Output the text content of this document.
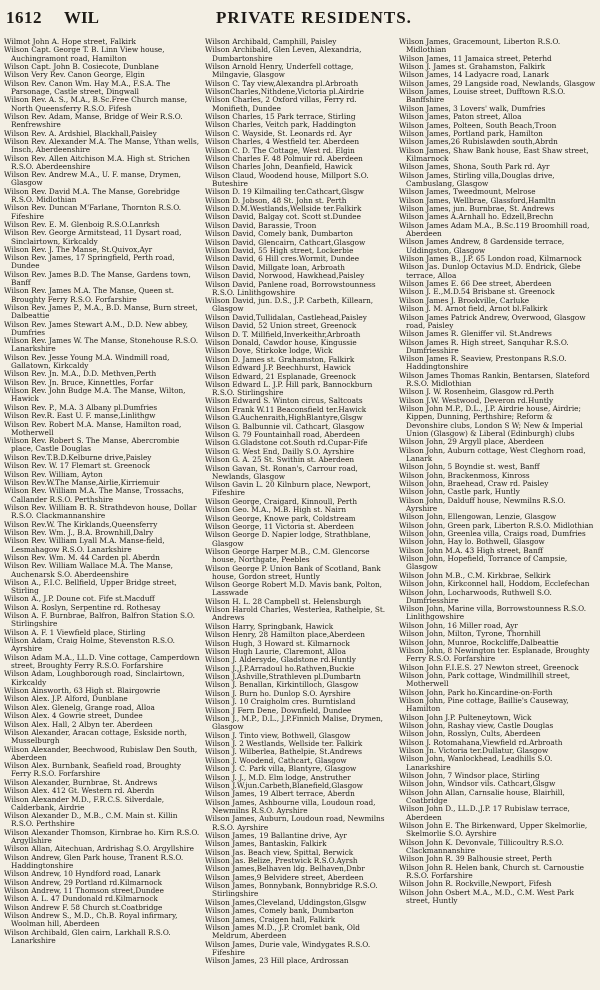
1612 WIL	PRIVATE RESIDENTS.
Wilmot John A. Hope street, Falkirk
Wilson Capt. George T. B. Linn View house, Auchingramont road, Hamilton
Wilson Capt. John B. Cosiecote, Dunblane
Wilson Very Rev. Canon George, Elgin
Wilson Rev. Canon Wm. Hay M.A., F.S.A. The Parsonage, Castle street, Dingwall
Wilson Rev. A. S., M.A., B.Sc.Free Church manse, North Queensferry R.S.O. Fifesh
Wilson Rev. Adam, Manse, Bridge of Weir R.S.O. Renfrewshire
Wilson Rev. A. Ardshiel, Blackhall,Paisley
Wilson Rev. Alexander M.A. The Manse, Ythan wells, Insch, Aberdeenshire
Wilson Rev. Allen Aitchison M.A. High st. Strichen R.S.O. Aberdeenshire
Wilson Rev. Andrew M.A., U. F. manse, Drymen, Glasgow
Wilson Rev. David M.A. The Manse, Gorebridge R.S.O. Midlothian
Wilson Rev. Duncan M'Farlane, Thornton R.S.O. Fifeshire
Wilson Rev. E. M. Glenboig R.S.O.Lanrksh
Wilson Rev. George Armitstead, 11 Dysart road, Sinclairtown, Kirkcaldy
Wilson Rev. J. The Manse, St.Quivox,Ayr
Wilson Rev. James, 17 Springfield, Perth road, Dundee
Wilson Rev. James B.D. The Manse, Gardens town, Banff
Wilson Rev. James M.A. The Manse, Queen st. Broughty Ferry R.S.O. Forfarshire
Wilson Rev. James P., M.A., B.D. Manse, Burn street, Dalbeattie
Wilson Rev. James Stewart A.M., D.D. New abbey, Dumfries
Wilson Rev. James W. The Manse, Stonehouse R.S.O. Lanarkshire
Wilson Rev. Jesse Young M.A. Windmill road, Gallatown, Kirkcaldy
Wilson Rev. Jn. M.A., D.D. Methven,Perth
Wilson Rev. Jn. Bruce, Kinnettles, Forfar
Wilson Rev. John Budge M.A. The Manse, Wilton, Hawick
Wilson Rev. P., M.A. 3 Albany pl.Dumfries
Wilson Rev.R. East U. F. manse,Linlithgw
Wilson Rev. Robert M.A. Manse, Hamilton road, Motherwell
Wilson Rev. Robert S. The Manse, Abercrombie place, Castle Douglas
Wilson Rev.T.B.D.Kelburne drive,Paisley
Wilson Rev. W. 17 Flemart st. Greenock
Wilson Rev. William, Ayton
Wilson Rev.W.The Manse,Airlie,Kirriemuir
Wilson Rev. William M.A. The Manse, Trossachs, Callander R.S.O. Perthshire
Wilson Rev. William B. R. Strathdevon house, Dollar R.S.O. Clackmannanshire
Wilson Rev.W. The Kirklands,Queensferry
Wilson Rev. Wm. J., B.A. Brownhill,Dalry
Wilson Rev. William Lyall M.A. Manse-field, Lesmahagow R.S.O. Lanarkshire
Wilson Rev. Wm. M. 44 Carden pl. Aberdn
Wilson Rev. William Wallace M.A. The Manse, Auchenarsk S.O. Aberdeenshire
Wilson A., F.I.C. Bellfield, Upper Bridge street, Stirling
Wilson A., J.P. Doune cot. Fife st.Macduff
Wilson A. Roslyn, Serpentine rd. Rothesay
Wilson A. F. Burnbrae, Balfron, Balfron Station S.O. Stirlingshire
Wilson A. F. 1 Viewfield place, Stirling
Wilson Adam, Craig Holme, Stevenston R.S.O. Ayrshire
Wilson Adam M.A., LL.D. Vine cottage, Camperdown street, Broughty Ferry R.S.O. Forfarshire
Wilson Adam, Loughborough road, Sinclairtown, Kirkcaldy
Wilson Ainsworth, 63 High st. Blairgowrie
Wilson Alex. J.P. Alford, Dunblane
Wilson Alex. Glenelg, Grange road, Alloa
Wilson Alex. 4 Gowrie street, Dundee
Wilson Alex. Hall, 2 Albyn ter. Aberdeen
Wilson Alexander, Aracan cottage, Eskside north, Musselburgh
Wilson Alexander, Beechwood, Rubislaw Den South, Aberdeen
Wilson Alex. Burnbank, Seafield road, Broughty Ferry R.S.O. Forfarshire
Wilson Alexander, Burnbrae, St. Andrews
Wilson Alex. 412 Gt. Western rd. Aberdn
Wilson Alexander M.D., F.R.C.S. Silverdale, Calderbank, Airdrie
Wilson Alexander D., M.B., C.M. Main st. Killin R.S.O. Perthshire
Wilson Alexander Thomson, Kirnbrae ho. Kirn R.S.O. Argyllshire
Wilson Allan, Aitechuan, Ardrishag S.O. Argyllshire
Wilson Andrew, Glen Park house, Tranent R.S.O. Haddingtonshire
Wilson Andrew, 10 Hyndford road, Lanark
Wilson Andrew, 29 Portland rd.Kilmarnock
Wilson Andrew, 11 Thomson street,Dundee
Wilson A. L. 47 Dundonald rd.Kilmarnock
Wilson Andrew F. 58 Church st.Coatbridge
Wilson Andrew S., M.D., Ch.B. Royal infirmary, Woolman hill, Aberdeen
Wilson Archibald, Glen cairn, Larkhall R.S.O. Lanarkshire
Wilson Archibald, Camphill, Paisley
Wilson Archibald, Glen Leven, Alexandria, Dumbartonshire
Wilson Arnold Henry, Underfell cottage, Milngavie, Glasgow
Wilson C. Tay view,Alexandra pl.Arbroath
WilsonCharles,Nithdene,Victoria pl.Airdrie
Wilson Charles, 2 Oxford villas, Ferry rd. Monifieth, Dundee
Wilson Charles, 15 Park terrace, Stirling
Wilson Charles, Veitch park, Haddington
Wilson C. Wayside, St. Leonards rd. Ayr
Wilson Charles, 4 Westfield ter. Aberdeen
Wilson C. D. The Cottage, West rd. Elgin
Wilson Charles F. 48 Polmuir rd. Aberdeen
Wilson Charles John, Deanfield, Hawick
Wilson Claud, Woodend house, Millport S.O. Buteshire
Wilson D. 19 Kilmailing ter.Cathcart,Glsgw
Wilson D. Jobson, 48 St. John st. Perth
Wilson D.M.Westlands,Wellside ter.Falkirk
Wilson David, Balgay cot. Scott st.Dundee
Wilson David, Barassie, Troon
Wilson David, Comely bank, Dumbarton
Wilson David, Glencairn, Cathcart,Glasgow
Wilson David, 55 High street, Lockerbie
Wilson David, 6 Hill cres.Wormit, Dundee
Wilson David, Millgate loan, Arbroath
Wilson David, Norwood, Hawkhead,Paisley
Wilson David, Panlene road, Borrowstounness R.S.O. Linlithgowshire
Wilson David, jun. D.S., J.P. Carbeth, Killearn, Glasgow
Wilson David,Tullidalan, Castlehead,Paisley
Wilson David, 52 Union street, Greenock
Wilson D. T. Millfield,Inverkeithr,Arbroath
Wilson Donald, Cawdor house, Kingussie
Wilson Dove, Stirkoke lodge, Wick
Wilson D. James st. Grahamston, Falkirk
Wilson Edward J.P. Beechhurst, Hawick
Wilson Edward, 21 Esplanade, Greenock
Wilson Edward L. J.P. Hill park, Bannockburn R.S.O. Stirlingshire
Wilson Edward S. Winton circus, Saltcoats
Wilson Frank W.11 Beaconsfield ter.Hawick
Wilson G.Auchenraith,HighBlantyre,Glsgw
Wilson G. Balbunnie vil. Cathcart, Glasgow
Wilson G. 79 Fountainhall road, Aberdeen
Wilson G.Gladstone cot.South rd.Cupar-Fife
Wilson G. West End, Dailly S.O. Ayrshire
Wilson G. A. 25 St. Swithin st. Aberdeen
Wilson Gavan, St. Ronan's, Carrour road, Newlands, Glasgow
Wilson Gavin L. 20 Kilnburn place, Newport, Fifeshire
Wilson George, Craigard, Kinnoull, Perth
Wilson Geo. M.A., M.B. High st. Nairn
Wilson George, Knowe park, Coldstream
Wilson George, 11 Victoria st. Aberdeen
Wilson George D. Napier lodge, Strathblane, Glasgow
Wilson George Harper M.B., C.M. Glencorse house, Northgate, Peebles
Wilson George P. Union Bank of Scotland, Bank house, Gordon street, Huntly
Wilson George Robert M.D. Mavis bank, Polton, Lasswade
Wilson H. L. 28 Campbell st. Helensburgh
Wilson Harold Charles, Westerlea, Rathelpie, St. Andrews
Wilson Harry, Springbank, Hawick
Wilson Henry, 28 Hamilton place,Aberdeen
Wilson Hugh, 3 Howard st. Kilmarnock
Wilson Hugh Laurie, Claremont, Alloa
Wilson J. Aldersyde, Gladstone rd.Huntly
Wilson J.,J.P.Arradoul ho.Rathven,Buckie
Wilson J.Ashville,Strathleven pl.Dumbartn
Wilson J. Benallan, Kirkintilloch, Glasgow
Wilson J. Burn ho. Dunlop S.O. Ayrshire
Wilson J. 10 Craigholm cres. Burntisland
Wilson J Fern Dene, Downfield, Dundee
Wilson J., M.P., D.L., J.P.Finnich Malise, Drymen, Glasgow
Wilson J. Tinto view, Bothwell, Glasgow
Wilson J. 2 Westlands, Wellside ter. Falkirk
Wilson J. Wilberlea, Bathelpie, St.Andrews
Wilson J. Woodend, Cathcart, Glasgow
Wilson J. C. Park villa, Blantyre, Glasgow
Wilson J. J., M.D. Elm lodge, Anstruther
Wilson J.W.jun.Carbeth,Blanefield,Glasgow
Wilson James, 19 Albert terrace, Aberdn
Wilson James, Ashbourne villa, Loudoun road, Newmilns R.S.O. Ayrshire
Wilson James, Auburn, Loudoun road, Newmilns R.S.O. Ayrshire
Wilson James, 19 Ballantine drive, Ayr
Wilson James, Bantaskin, Falkirk
Wilson Jas. Beach view, Spittal, Berwick
Wilson Jas. Belize, Prestwick R.S.O.Ayrsh
Wilson James,Belhaven ldg. Belhaven,Dnbr
Wilson James,9 Belvidere street, Aberdeen
Wilson James, Bonnybank, Bonnybridge R.S.O. Stirlingshire
Wilson James,Cleveland, Uddingston,Glsgw
Wilson James, Comely bank, Dumbarton
Wilson James, Craigen hall, Falkirk
Wilson James M.D., J.P. Cromlet bank, Old Meldrum, Aberdeen
Wilson James, Durie vale, Windygates R.S.O. Fifeshire
Wilson James, 23 Hill place, Ardrossan
Wilson James, Gracemount, Liberton R.S.O. Midlothian
Wilson James, 11 Jamaica street, Peterhd
Wilson J. James st. Grahamston, Falkirk
Wilson James, 14 Ladyacre road, Lanark
Wilson James, 29 Langside road, Newlands, Glasgow
Wilson James, Louise street, Dufftown R.S.O. Banffshire
Wilson James, 3 Lovers' walk, Dumfries
Wilson James, Paton street, Alloa
Wilson James, Polteen, South Beach,Troon
Wilson James, Portland park, Hamilton
Wilson James,26 Rubislawden south,Abrdn
Wilson James, Shaw Bank house, East Shaw street, Kilmarnock
Wilson James, Shona, South Park rd. Ayr
Wilson James, Stirling villa,Douglas drive, Cambuslang, Glasgow
Wilson James, Tweedmount, Melrose
Wilson James, Wellbrae, Glassford,Hamltn
Wilson James, jun. Burnbrae, St. Andrews
Wilson James A.Arnhall ho. Edzell,Brechn
Wilson James Adam M.A., B.Sc.119 Broomhill road, Aberdeen
Wilson James Andrew, 8 Gardenside terrace, Uddingston, Glasgow
Wilson James B., J.P. 65 London road, Kilmarnock
Wilson Jas. Dunlop Octavius M.D. Endrick, Glebe terrace, Alloa
Wilson James E. 66 Dee street, Aberdeen
Wilson J. E.,M.D.54 Brisbane st. Greenock
Wilson James J. Brookville, Carluke
Wilson J. M. Arnot field, Arnot bl.Falkirk
Wilson James Patrick Andrew, Overwood, Glasgow road, Paisley
Wilson James R. Gleniffer vil. St.Andrews
Wilson James R. High street, Sanquhar R.S.O. Dumfriesshire
Wilson James R. Seaview, Prestonpans R.S.O. Haddingtonshire
Wilson James Thomas Rankin, Bentarsen, Slateford R.S.O. Midlothian
Wilson J. W. Rosenheim, Glasgow rd.Perth
Wilson J.W. Westwood, Deveron rd.Huntly
Wilson John M.P., D.L., J.P. Airdrie house, Airdrie; Kippen, Dunning, Perthshire; Reform & Devonshire clubs, London S W; New & Imperial Union (Glasgow) & Liberal (Edinburgh) clubs
Wilson John, 29 Argyll place, Aberdeen
Wilson John, Auburn cottage, West Cleghorn road, Lanark
Wilson John, 5 Boyndie st. west, Banff
Wilson John, Brackenmoss, Kinross
Wilson John, Braehead, Craw rd. Paisley
Wilson John, Castle park, Huntly
Wilson John, Dalduff house, Newmilns R.S.O. Ayrshire
Wilson John, Ellengowan, Lenzie, Glasgow
Wilson John, Green park, Liberton R.S.O. Midlothian
Wilson John, Greenlea villa, Craigs road, Dumfries
Wilson John, Hay lo. Bothwell, Glasgow
Wilson John M.A. 43 High street, Banff
Wilson John, Hopefield, Torrance of Campsie, Glasgow
Wilson John M.B., C.M. Kirkbrae, Selkirk
Wilson John, Kirkconnel hall, Hoddom, Ecclefechan
Wilson John, Locharwoods, Ruthwell S.O. Dumfriesshire
Wilson John, Marine villa, Borrowstounness R.S.O. Linlithgowshire
Wilson John, 16 Miller road, Ayr
Wilson John, Milton, Tyrone, Thornhill
Wilson John, Munroe, Rockcliffe,Dalbeattie
Wilson John, 8 Newington ter. Esplanade, Broughty Ferry R.S.O. Forfarshire
Wilson John F.I.E.S. 27 Newton street, Greenock
Wilson John, Park cottage, Windmillhill street, Motherwell
Wilson John, Park ho.Kincardine-on-Forth
Wilson John, Pine cottage, Baillie's Causeway, Hamilton
Wilson John J.P. Pulteneytown, Wick
Wilson John, Rashay view, Castle Douglas
Wilson John, Rosslyn, Cults, Aberdeen
Wilson J. Rotomahana,Viewfield rd.Arbroath
Wilson Jn. Victoria ter.Dullatur, Glasgow
Wilson John, Wanlockhead, Leadhills S.O. Lanarkshire
Wilson John, 7 Windsor place, Stirling
Wilson John, Windsor vils. Cathcart,Glsgw
Wilson John Allan, Carnsalie house, Blairhill, Coatbridge
Wilson John D., LL.D.,J.P. 17 Rubislaw terrace, Aberdeen
Wilson John E. The Birkenward, Upper Skelmorlie, Skelmorlie S.O. Ayrshire
Wilson John K. Devonvale, Tillicoultry R.S.O. Clackmannanshire
Wilson John R. 39 Balhousie street, Perth
Wilson John R. Helen bank, Church st. Carnoustie R.S.O. Forfarshire
Wilson John R. Rockville,Newport, Fifesh
Wilson John Osbert M.A., M.D., C.M. West Park street, Huntly
